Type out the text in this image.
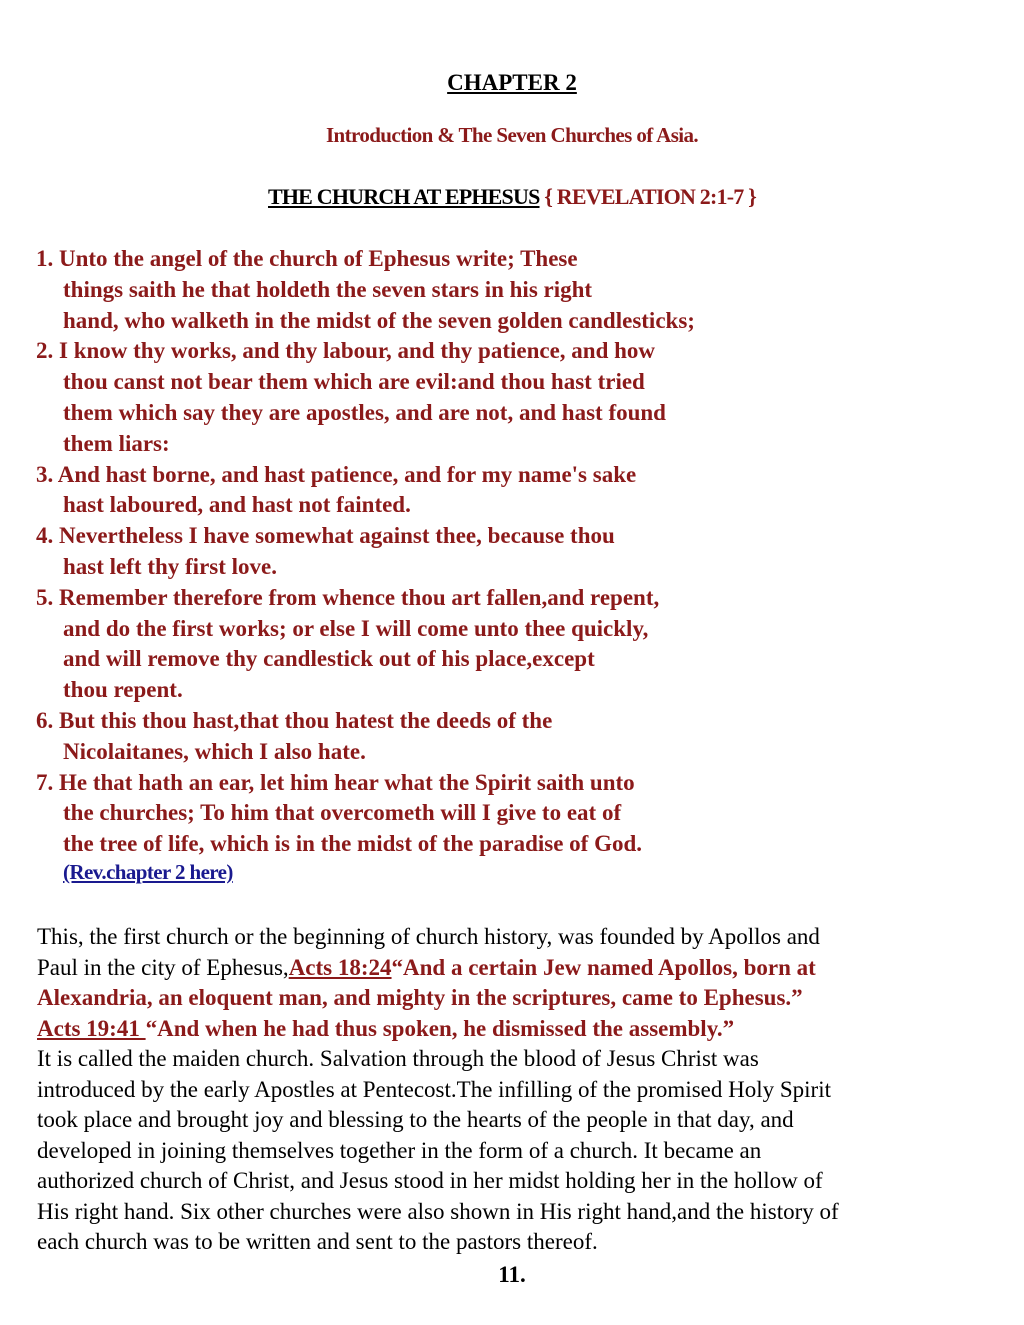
CHAPTER 2
Introduction & The Seven Churches of Asia.
THE CHURCH AT EPHESUS { REVELATION 2:1-7 }
1. Unto the angel of the church of Ephesus write; These
things saith he that holdeth the seven stars in his right
hand, who walketh in the midst of the seven golden candlesticks;
2. I know thy works, and thy labour, and thy patience, and how
thou canst not bear them which are evil:and thou hast tried
them which say they are apostles, and are not, and hast found
them liars:
3. And hast borne, and hast patience, and for my name's sake
hast laboured, and hast not fainted.
4. Nevertheless I have somewhat against thee, because thou
hast left thy first love.
5. Remember therefore from whence thou art fallen,and repent,
and do the first works; or else I will come unto thee quickly,
and will remove thy candlestick out of his place,except
thou repent.
6. But this thou hast,that thou hatest the deeds of the
Nicolaitanes, which I also hate.
7. He that hath an ear, let him hear what the Spirit saith unto
the churches; To him that overcometh will I give to eat of
the tree of life, which is in the midst of the paradise of God.
(Rev.chapter 2 here)
This, the first church or the beginning of church history, was founded by Apollos and
Paul in the city of Ephesus,Acts 18:24“And a certain Jew named Apollos, born at
Alexandria, an eloquent man, and mighty in the scriptures, came to Ephesus.”
Acts 19:41 “And when he had thus spoken, he dismissed the assembly.”
It is called the maiden church. Salvation through the blood of Jesus Christ was
introduced by the early Apostles at Pentecost.The infilling of the promised Holy Spirit
took place and brought joy and blessing to the hearts of the people in that day, and
developed in joining themselves together in the form of a church. It became an
authorized church of Christ, and Jesus stood in her midst holding her in the hollow of
His right hand. Six other churches were also shown in His right hand,and the history of
each church was to be written and sent to the pastors thereof.
11.
